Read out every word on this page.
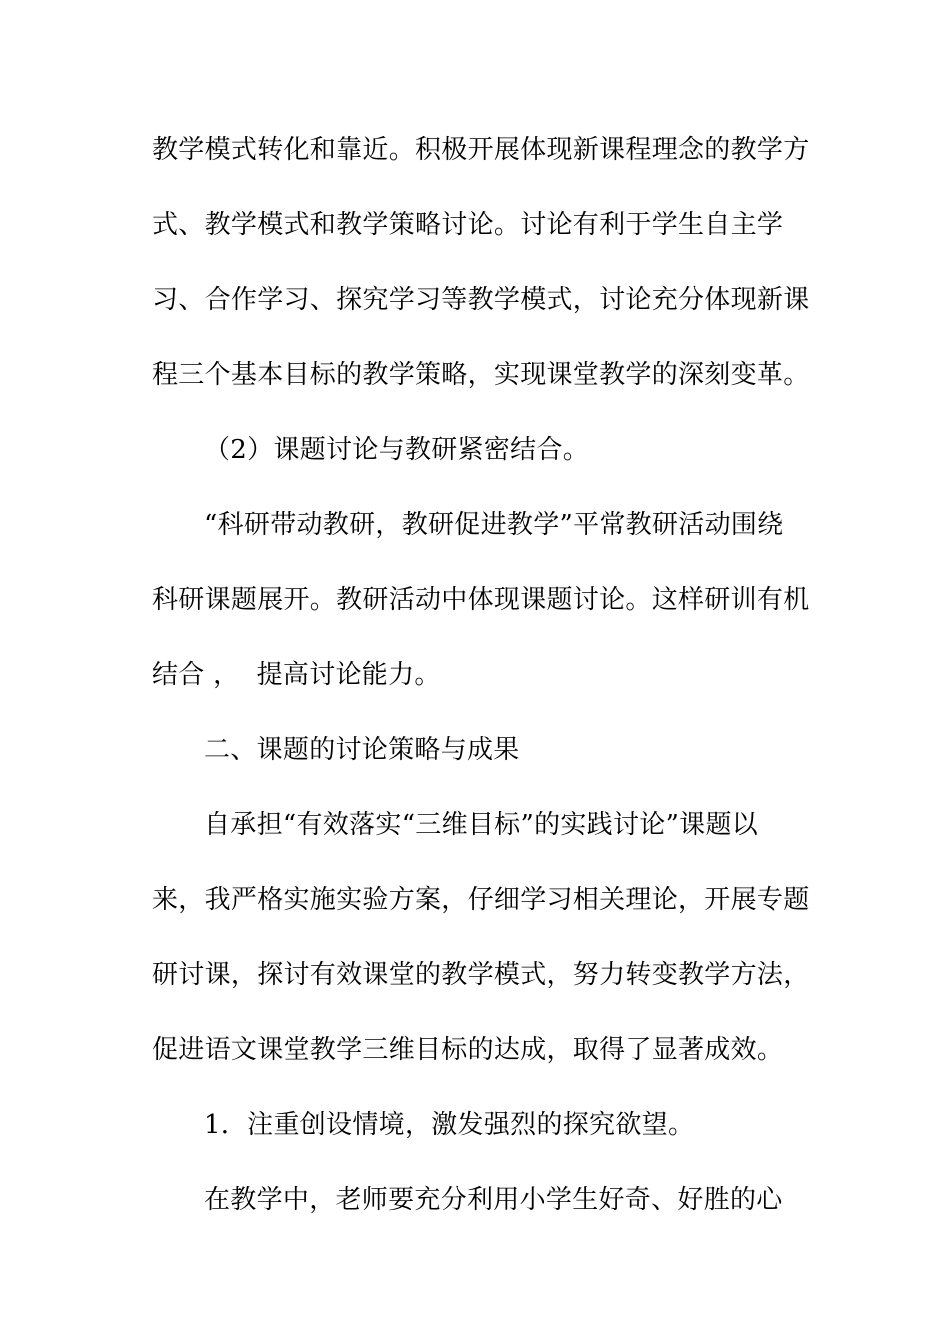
教学模式转化和靠近。积极开展体现新课程理念的教学方
式、教学模式和教学策略讨论。讨论有利于学生自主学
习、合作学习、探究学习等教学模式，讨论充分体现新课
程三个基本目标的教学策略，实现课堂教学的深刻变革。
（2）课题讨论与教研紧密结合。
“科研带动教研，教研促进教学”平常教研活动围绕
科研课题展开。教研活动中体现课题讨论。这样研训有机
结合 ，  提高讨论能力。
二、课题的讨论策略与成果
自承担“有效落实“三维目标”的实践讨论”课题以
来，我严格实施实验方案，仔细学习相关理论，开展专题
研讨课，探讨有效课堂的教学模式，努力转变教学方法，
促进语文课堂教学三维目标的达成，取得了显著成效。
1．注重创设情境，激发强烈的探究欲望。
在教学中，老师要充分利用小学生好奇、好胜的心
